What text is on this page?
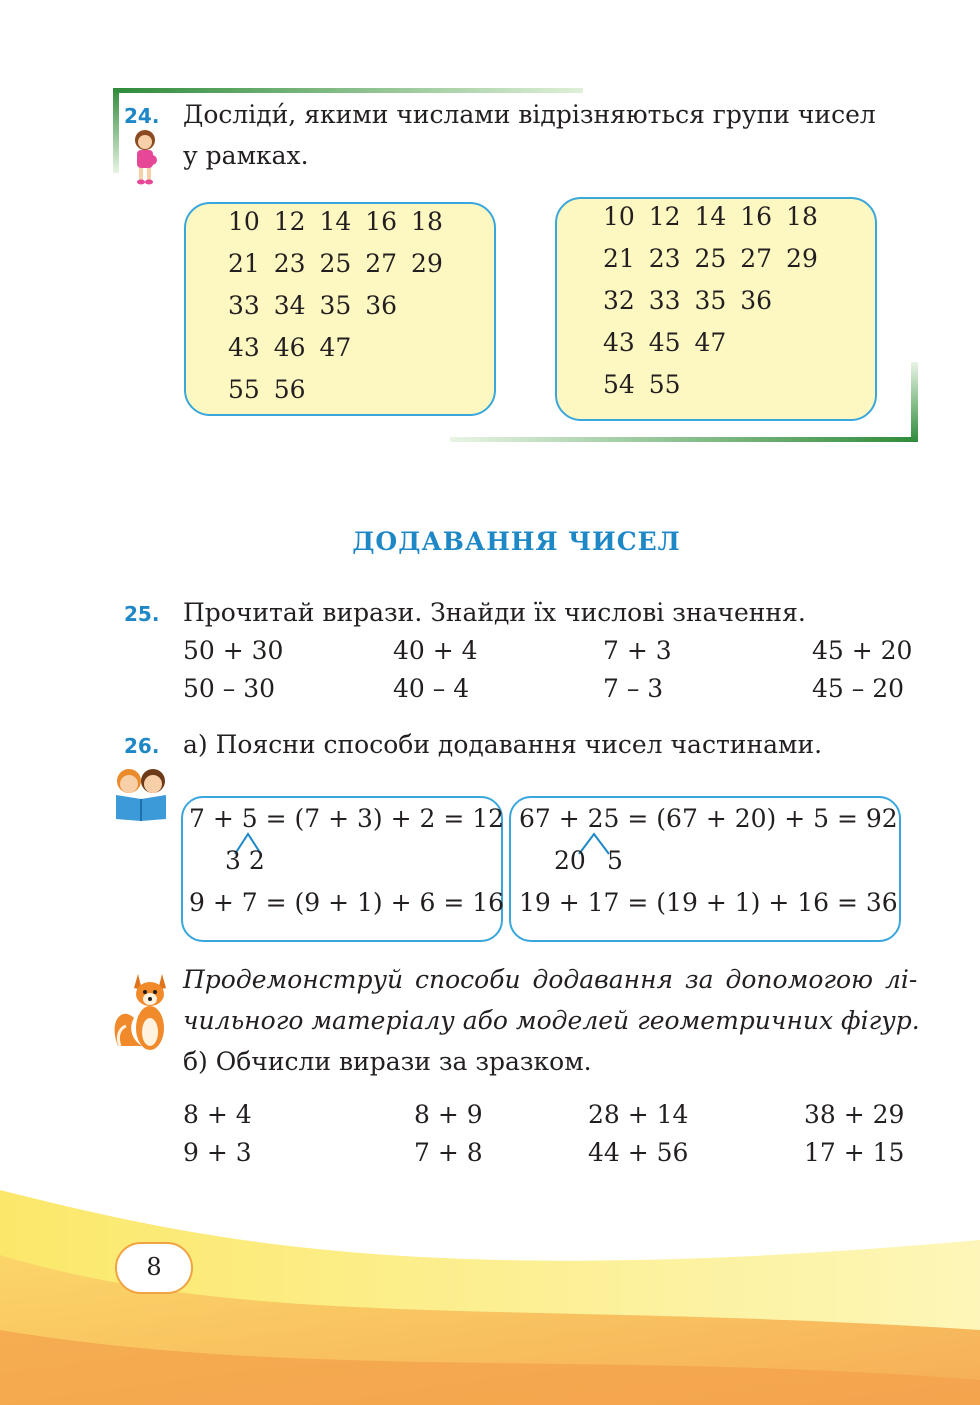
24. Досліди́, якими числами відрізняються групи чисел
у рамках.
10 12 14 16 18
21 23 25 27 29
33 34 35 36
43 46 47
55 56
10 12 14 16 18
21 23 25 27 29
32 33 35 36
43 45 47
54 55
ДОДАВАННЯ ЧИСЕЛ
25. Прочитай вирази. Знайди їх числові значення.
50 + 30	40 + 4	7 + 3	45 + 20
50 – 30	40 – 4	7 – 3	45 – 20
26. а) Поясни способи додавання чисел частинами.
7 + 5 = (7 + 3) + 2 = 12
3 2
9 + 7 = (9 + 1) + 6 = 16
67 + 25 = (67 + 20) + 5 = 92
20 5
19 + 17 = (19 + 1) + 16 = 36
Продемонструй способи додавання за допомогою лі-
чильного матеріалу або моделей геометричних фігур.
б) Обчисли вирази за зразком.
8 + 4	8 + 9	28 + 14	38 + 29
9 + 3	7 + 8	44 + 56	17 + 15
8
